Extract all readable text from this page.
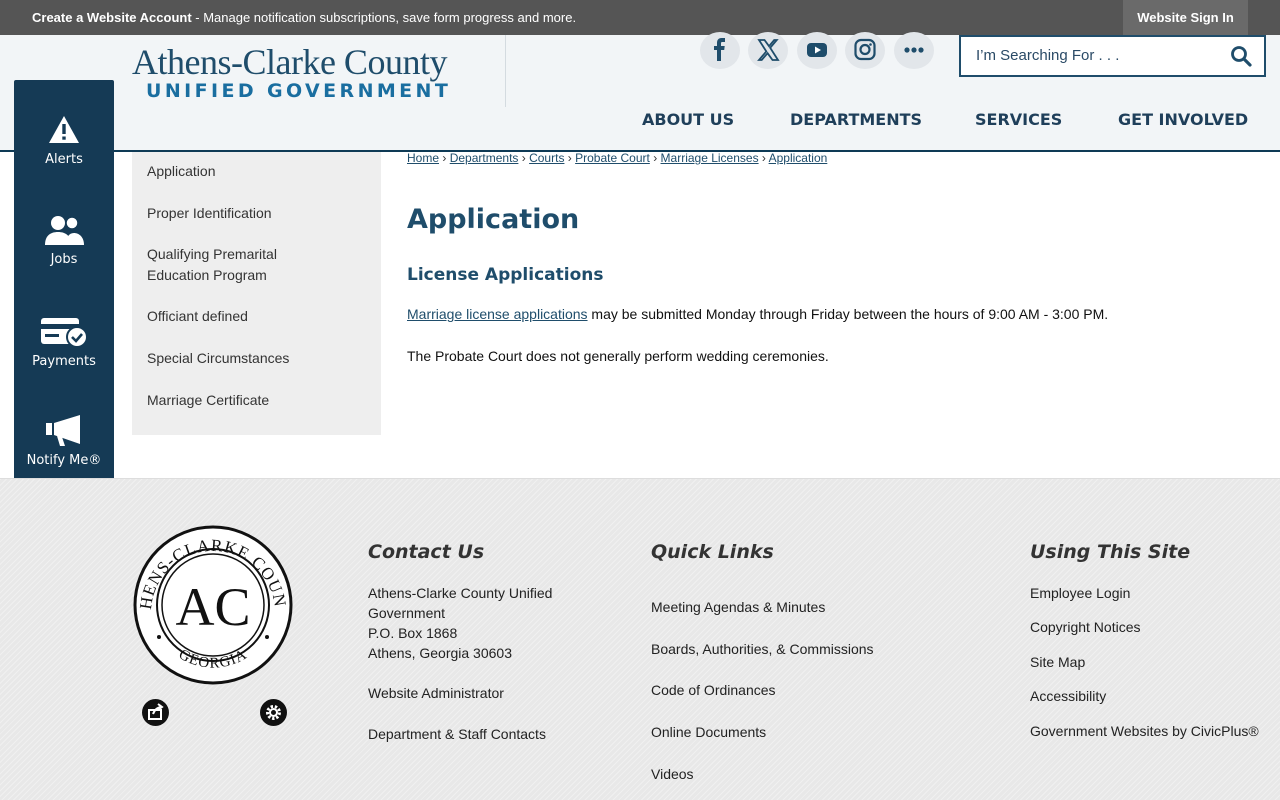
Create a Website Account - Manage notification subscriptions, save form progress and more.	Website Sign In
Athens-Clarke County
UNIFIED GOVERNMENT
I’m Searching For . . .
ABOUT US	DEPARTMENTS	SERVICES	GET INVOLVED
Alerts
Jobs
Payments
Notify Me®

Application
Proper Identification
Qualifying Premarital Education Program
Officiant defined
Special Circumstances
Marriage Certificate
Home › Departments › Courts › Probate Court › Marriage Licenses › Application
Application
License Applications
Marriage license applications may be submitted Monday through Friday between the hours of 9:00 AM - 3:00 PM.
The Probate Court does not generally perform wedding ceremonies.
HENS-CLARKE COUN
GEORGIA
AC
Contact Us
Athens-Clarke County Unified
Government
P.O. Box 1868
Athens, Georgia 30603
Website Administrator
Department & Staff Contacts
Quick Links
Meeting Agendas & Minutes
Boards, Authorities, & Commissions
Code of Ordinances
Online Documents
Videos
Using This Site
Employee Login
Copyright Notices
Site Map
Accessibility
Government Websites by CivicPlus®
